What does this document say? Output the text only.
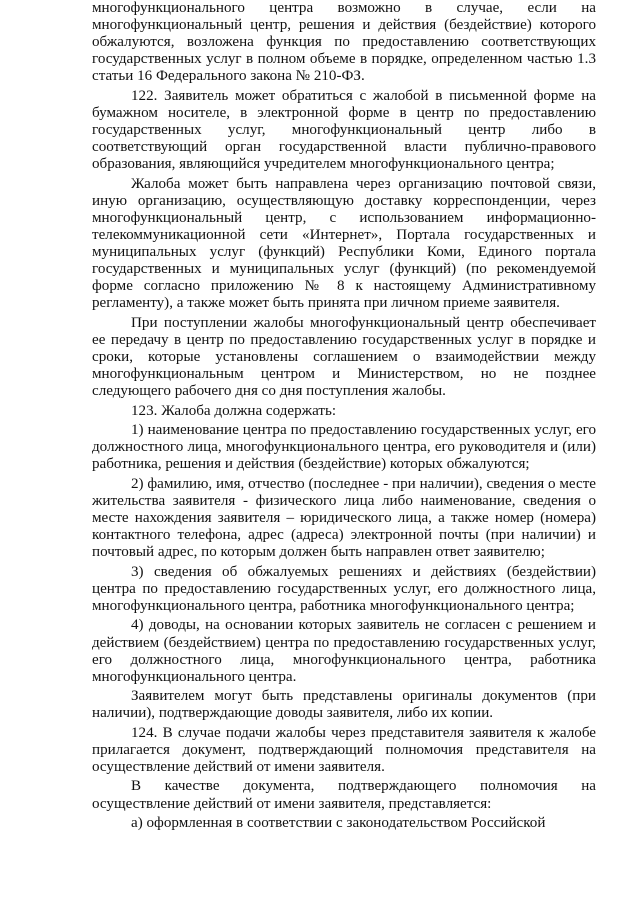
многофункционального центра возможно в случае, если на многофункциональный центр, решения и действия (бездействие) которого обжалуются, возложена функция по предоставлению соответствующих государственных услуг в полном объеме в порядке, определенном частью 1.3 статьи 16 Федерального закона № 210-ФЗ.

122. Заявитель может обратиться с жалобой в письменной форме на бумажном носителе, в электронной форме в центр по предоставлению государственных услуг, многофункциональный центр либо в соответствующий орган государственной власти публично-правового образования, являющийся учредителем многофункционального центра;

Жалоба может быть направлена через организацию почтовой связи, иную организацию, осуществляющую доставку корреспонденции, через многофункциональный центр, с использованием информационно-телекоммуникационной сети «Интернет», Портала государственных и муниципальных услуг (функций) Республики Коми, Единого портала государственных и муниципальных услуг (функций) (по рекомендуемой форме согласно приложению № 8 к настоящему Административному регламенту), а также может быть принята при личном приеме заявителя.

При поступлении жалобы многофункциональный центр обеспечивает ее передачу в центр по предоставлению государственных услуг в порядке и сроки, которые установлены соглашением о взаимодействии между многофункциональным центром и Министерством, но не позднее следующего рабочего дня со дня поступления жалобы.

123. Жалоба должна содержать:

1) наименование центра по предоставлению государственных услуг, его должностного лица, многофункционального центра, его руководителя и (или) работника, решения и действия (бездействие) которых обжалуются;

2) фамилию, имя, отчество (последнее - при наличии), сведения о месте жительства заявителя - физического лица либо наименование, сведения о месте нахождения заявителя – юридического лица, а также номер (номера) контактного телефона, адрес (адреса) электронной почты (при наличии) и почтовый адрес, по которым должен быть направлен ответ заявителю;

3) сведения об обжалуемых решениях и действиях (бездействии) центра по предоставлению государственных услуг, его должностного лица, многофункционального центра, работника многофункционального центра;

4) доводы, на основании которых заявитель не согласен с решением и действием (бездействием) центра по предоставлению государственных услуг, его должностного лица, многофункционального центра, работника многофункционального центра.

Заявителем могут быть представлены оригиналы документов (при наличии), подтверждающие доводы заявителя, либо их копии.

124. В случае подачи жалобы через представителя заявителя к жалобе прилагается документ, подтверждающий полномочия представителя на осуществление действий от имени заявителя.

В качестве документа, подтверждающего полномочия на осуществление действий от имени заявителя, представляется:

а) оформленная в соответствии с законодательством Российской
